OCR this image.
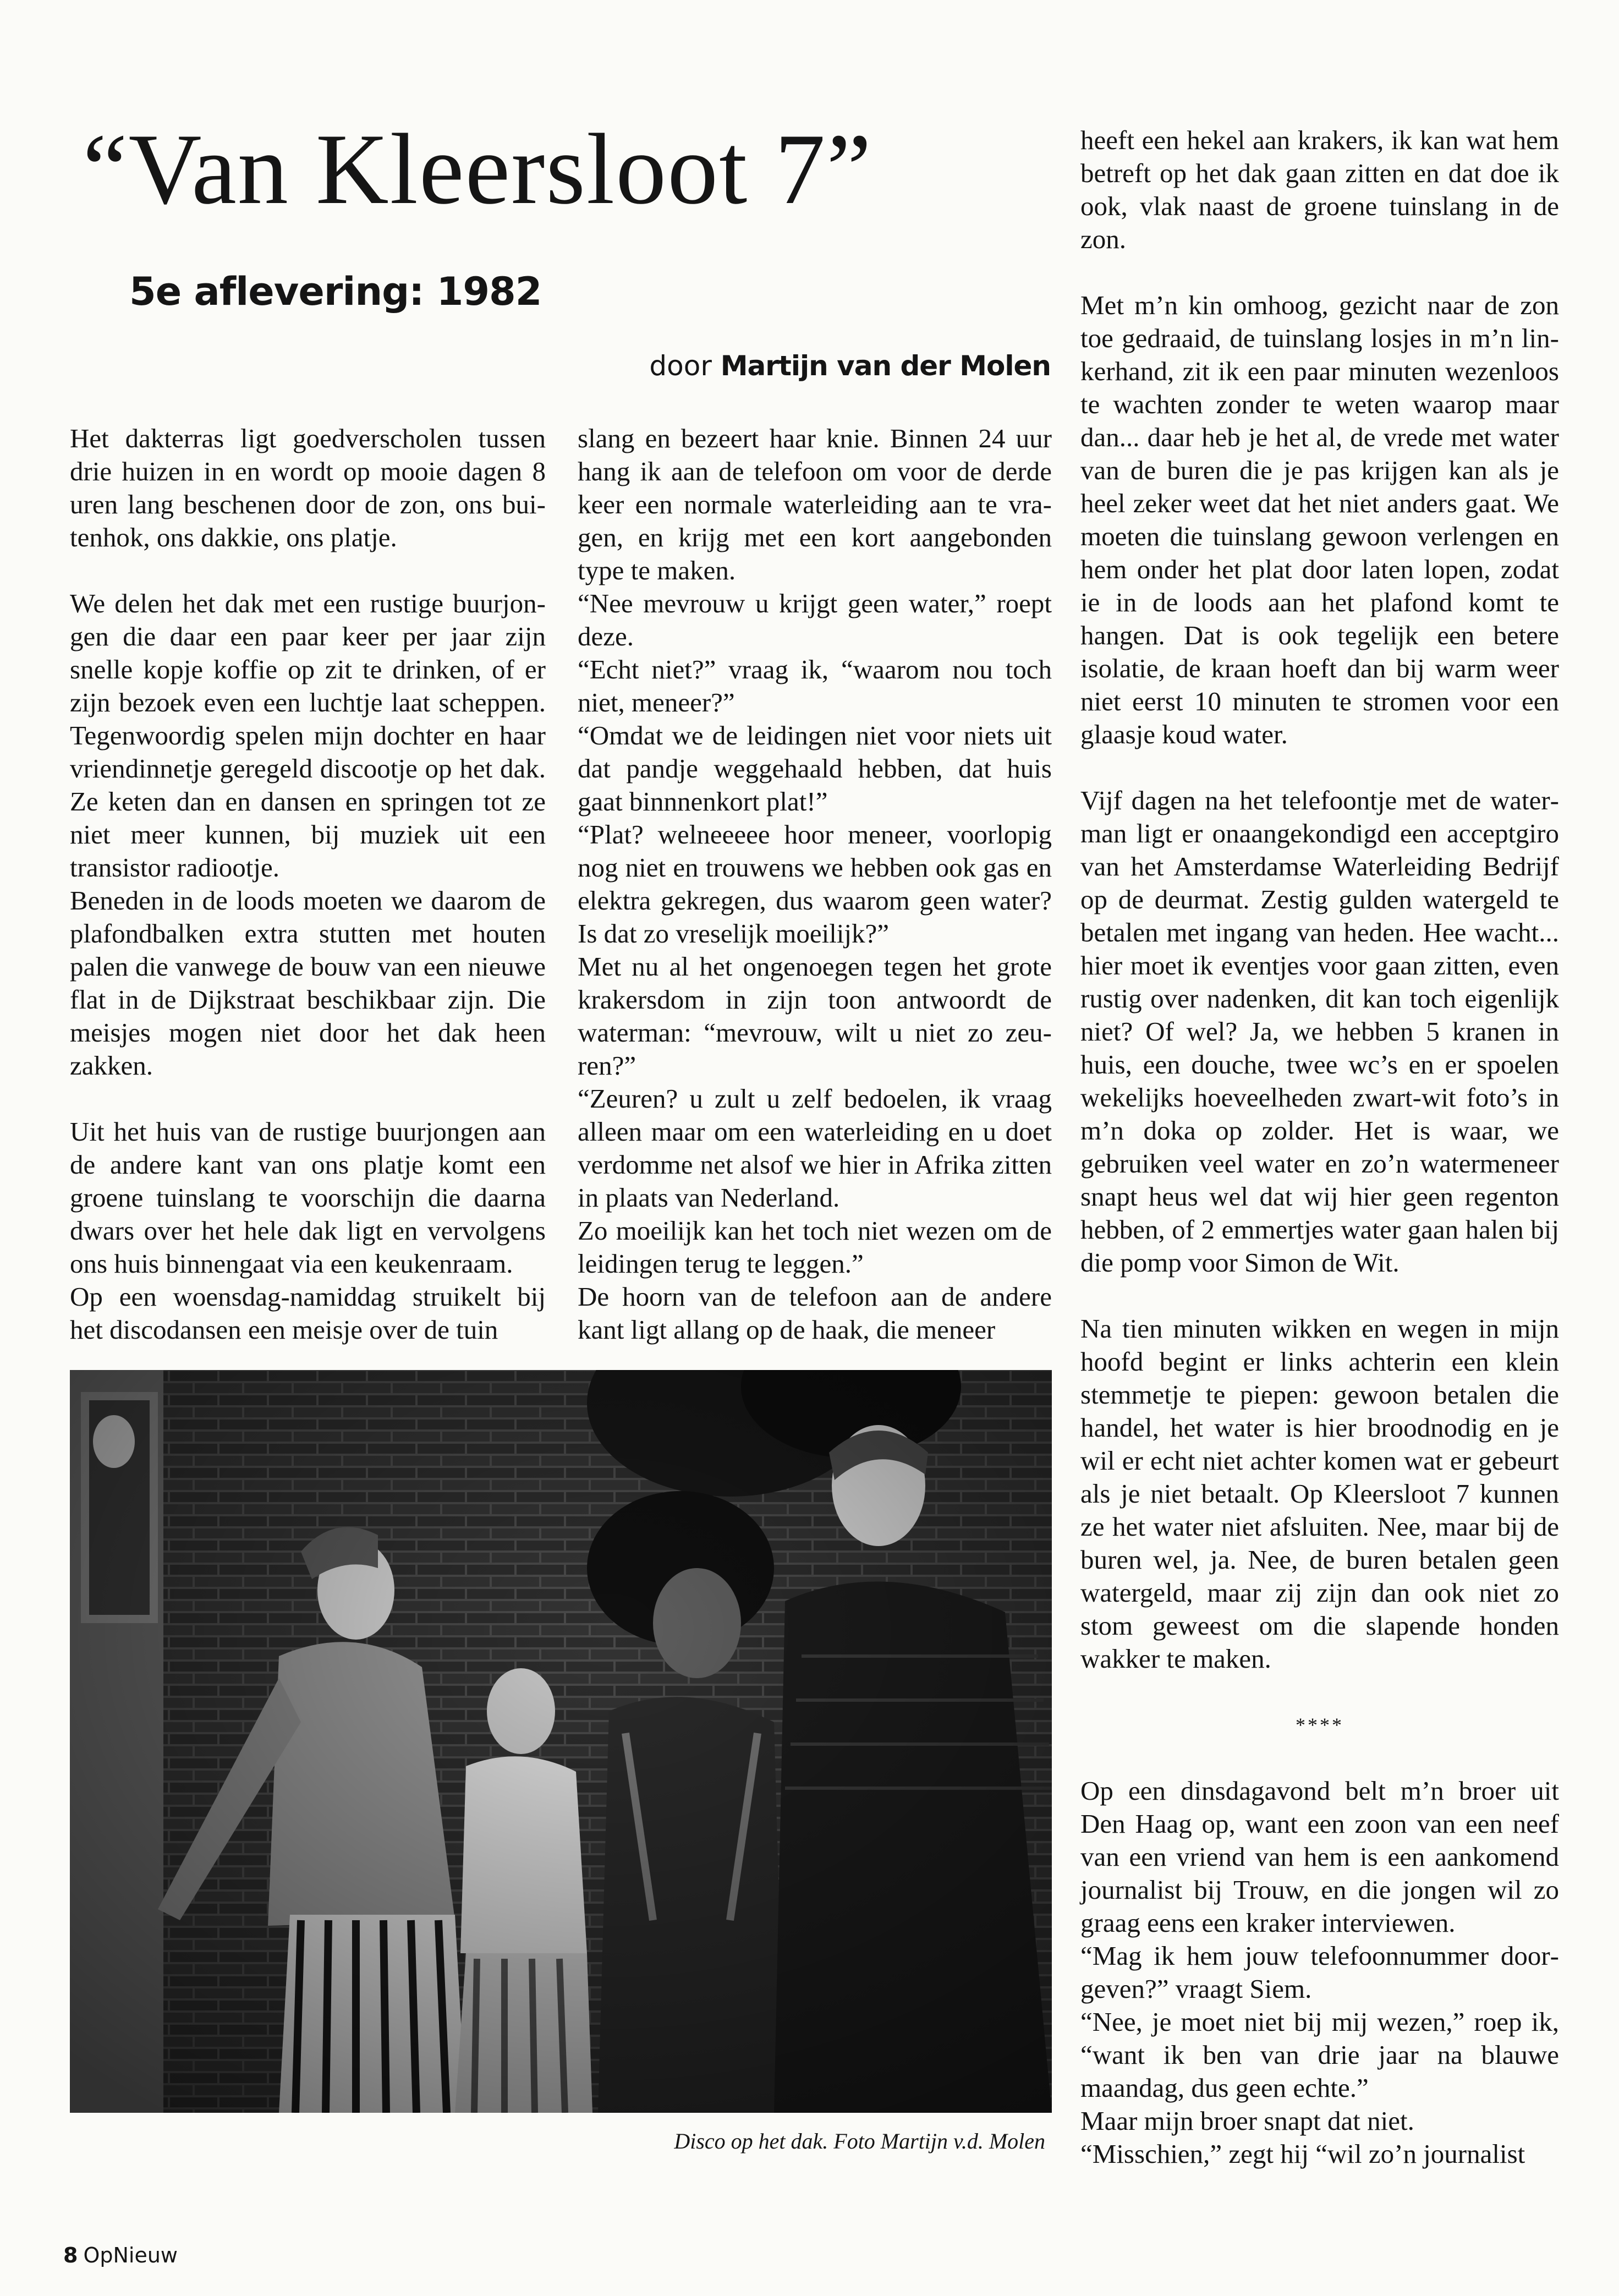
“Van Kleersloot 7”
5e aflevering: 1982
door Martijn van der Molen

Het dakterras ligt goedverscholen tussen drie huizen in en wordt op mooie dagen 8 uren lang beschenen door de zon, ons buitenhok, ons dakkie, ons platje.

We delen het dak met een rustige buurjongen die daar een paar keer per jaar zijn snelle kopje koffie op zit te drinken, of er zijn bezoek even een luchtje laat scheppen. Tegenwoordig spelen mijn dochter en haar vriendinnetje geregeld discootje op het dak. Ze keten dan en dansen en springen tot ze niet meer kunnen, bij muziek uit een transistor radiootje.

Beneden in de loods moeten we daarom de plafondbalken extra stutten met houten palen die vanwege de bouw van een nieuwe flat in de Dijkstraat beschikbaar zijn. Die meisjes mogen niet door het dak heen zakken.

Uit het huis van de rustige buurjongen aan de andere kant van ons platje komt een groene tuinslang te voorschijn die daarna dwars over het hele dak ligt en vervolgens ons huis binnengaat via een keukenraam.

Op een woensdag-namiddag struikelt bij het discodansen een meisje over de tuin

slang en bezeert haar knie. Binnen 24 uur hang ik aan de telefoon om voor de derde keer een normale waterleiding aan te vragen, en krijg met een kort aangebonden type te maken.

“Nee mevrouw u krijgt geen water,” roept deze.

“Echt niet?” vraag ik, “waarom nou toch niet, meneer?”

“Omdat we de leidingen niet voor niets uit dat pandje weggehaald hebben, dat huis gaat binnnenkort plat!”

“Plat? welneeeee hoor meneer, voorlopig nog niet en trouwens we hebben ook gas en elektra gekregen, dus waarom geen water? Is dat zo vreselijk moeilijk?”

Met nu al het ongenoegen tegen het grote krakersdom in zijn toon antwoordt de waterman: “mevrouw, wilt u niet zo zeuren?”

“Zeuren? u zult u zelf bedoelen, ik vraag alleen maar om een waterleiding en u doet verdomme net alsof we hier in Afrika zitten in plaats van Nederland.

Zo moeilijk kan het toch niet wezen om de leidingen terug te leggen.”

De hoorn van de telefoon aan de andere kant ligt allang op de haak, die meneer

heeft een hekel aan krakers, ik kan wat hem betreft op het dak gaan zitten en dat doe ik ook, vlak naast de groene tuinslang in de zon.

Met m’n kin omhoog, gezicht naar de zon toe gedraaid, de tuinslang losjes in m’n linkerhand, zit ik een paar minuten wezenloos te wachten zonder te weten waarop maar dan... daar heb je het al, de vrede met water van de buren die je pas krijgen kan als je heel zeker weet dat het niet anders gaat. We moeten die tuinslang gewoon verlengen en hem onder het plat door laten lopen, zodat ie in de loods aan het plafond komt te hangen. Dat is ook tegelijk een betere isolatie, de kraan hoeft dan bij warm weer niet eerst 10 minuten te stromen voor een glaasje koud water.

Vijf dagen na het telefoontje met de waterman ligt er onaangekondigd een acceptgiro van het Amsterdamse Waterleiding Bedrijf op de deurmat. Zestig gulden watergeld te betalen met ingang van heden. Hee wacht... hier moet ik eventjes voor gaan zitten, even rustig over nadenken, dit kan toch eigenlijk niet? Of wel? Ja, we hebben 5 kranen in huis, een douche, twee wc’s en er spoelen wekelijks hoeveelheden zwart-wit foto’s in m’n doka op zolder. Het is waar, we gebruiken veel water en zo’n watermeneer snapt heus wel dat wij hier geen regenton hebben, of 2 emmertjes water gaan halen bij die pomp voor Simon de Wit.

Na tien minuten wikken en wegen in mijn hoofd begint er links achterin een klein stemmetje te piepen: gewoon betalen die handel, het water is hier broodnodig en je wil er echt niet achter komen wat er gebeurt als je niet betaalt. Op Kleersloot 7 kunnen ze het water niet afsluiten. Nee, maar bij de buren wel, ja. Nee, de buren betalen geen watergeld, maar zij zijn dan ook niet zo stom geweest om die slapende honden wakker te maken.

****

Op een dinsdagavond belt m’n broer uit Den Haag op, want een zoon van een neef van een vriend van hem is een aankomend journalist bij Trouw, en die jongen wil zo graag eens een kraker interviewen.

“Mag ik hem jouw telefoonnummer doorgeven?” vraagt Siem.

“Nee, je moet niet bij mij wezen,” roep ik, “want ik ben van drie jaar na blauwe maandag, dus geen echte.”

Maar mijn broer snapt dat niet.

“Misschien,” zegt hij “wil zo’n journalist

Disco op het dak. Foto Martijn v.d. Molen
8 OpNieuw
